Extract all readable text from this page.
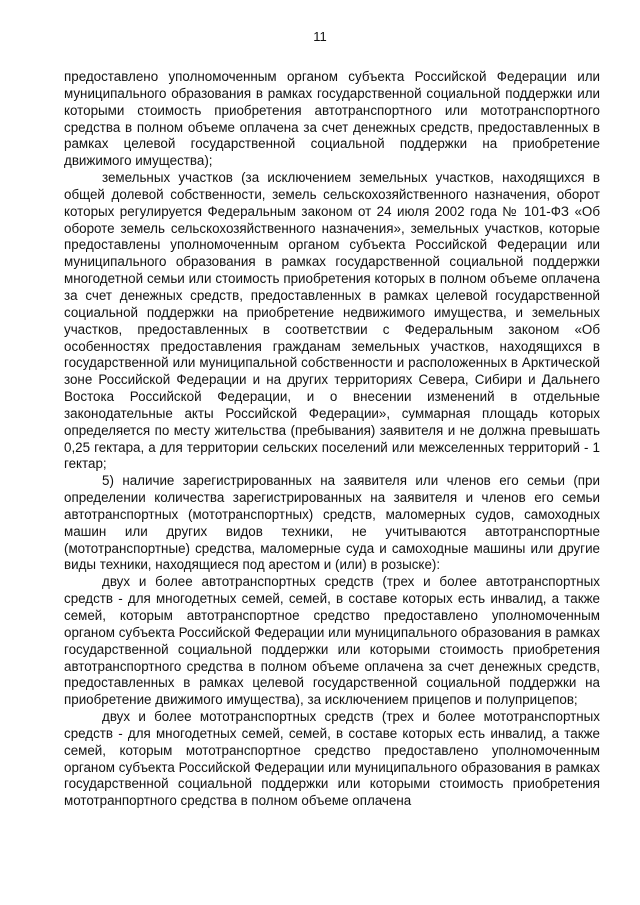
11

предоставлено уполномоченным органом субъекта Российской Федерации или муниципального образования в рамках государственной социальной поддержки или которыми стоимость приобретения автотранспортного или мототранспортного средства в полном объеме оплачена за счет денежных средств, предоставленных в рамках целевой государственной социальной поддержки на приобретение движимого имущества);

земельных участков (за исключением земельных участков, находящихся в общей долевой собственности, земель сельскохозяйственного назначения, оборот которых регулируется Федеральным законом от 24 июля 2002 года № 101-ФЗ «Об обороте земель сельскохозяйственного назначения», земельных участков, которые предоставлены уполномоченным органом субъекта Российской Федерации или муниципального образования в рамках государственной социальной поддержки многодетной семьи или стоимость приобретения которых в полном объеме оплачена за счет денежных средств, предоставленных в рамках целевой государственной социальной поддержки на приобретение недвижимого имущества, и земельных участков, предоставленных в соответствии с Федеральным законом «Об особенностях предоставления гражданам земельных участков, находящихся в государственной или муниципальной собственности и расположенных в Арктической зоне Российской Федерации и на других территориях Севера, Сибири и Дальнего Востока Российской Федерации, и о внесении изменений в отдельные законодательные акты Российской Федерации», суммарная площадь которых определяется по месту жительства (пребывания) заявителя и не должна превышать 0,25 гектара, а для территории сельских поселений или межселенных территорий - 1 гектар;

5) наличие зарегистрированных на заявителя или членов его семьи (при определении количества зарегистрированных на заявителя и членов его семьи автотранспортных (мототранспортных) средств, маломерных судов, самоходных машин или других видов техники, не учитываются автотранспортные (мототранспортные) средства, маломерные суда и самоходные машины или другие виды техники, находящиеся под арестом и (или) в розыске):

двух и более автотранспортных средств (трех и более автотранспортных средств - для многодетных семей, семей, в составе которых есть инвалид, а также семей, которым автотранспортное средство предоставлено уполномоченным органом субъекта Российской Федерации или муниципального образования в рамках государственной социальной поддержки или которыми стоимость приобретения автотранспортного средства в полном объеме оплачена за счет денежных средств, предоставленных в рамках целевой государственной социальной поддержки на приобретение движимого имущества), за исключением прицепов и полуприцепов;

двух и более мототранспортных средств (трех и более мототранспортных средств - для многодетных семей, семей, в составе которых есть инвалид, а также семей, которым мототранспортное средство предоставлено уполномоченным органом субъекта Российской Федерации или муниципального образования в рамках государственной социальной поддержки или которыми стоимость приобретения мототранпортного средства в полном объеме оплачена
